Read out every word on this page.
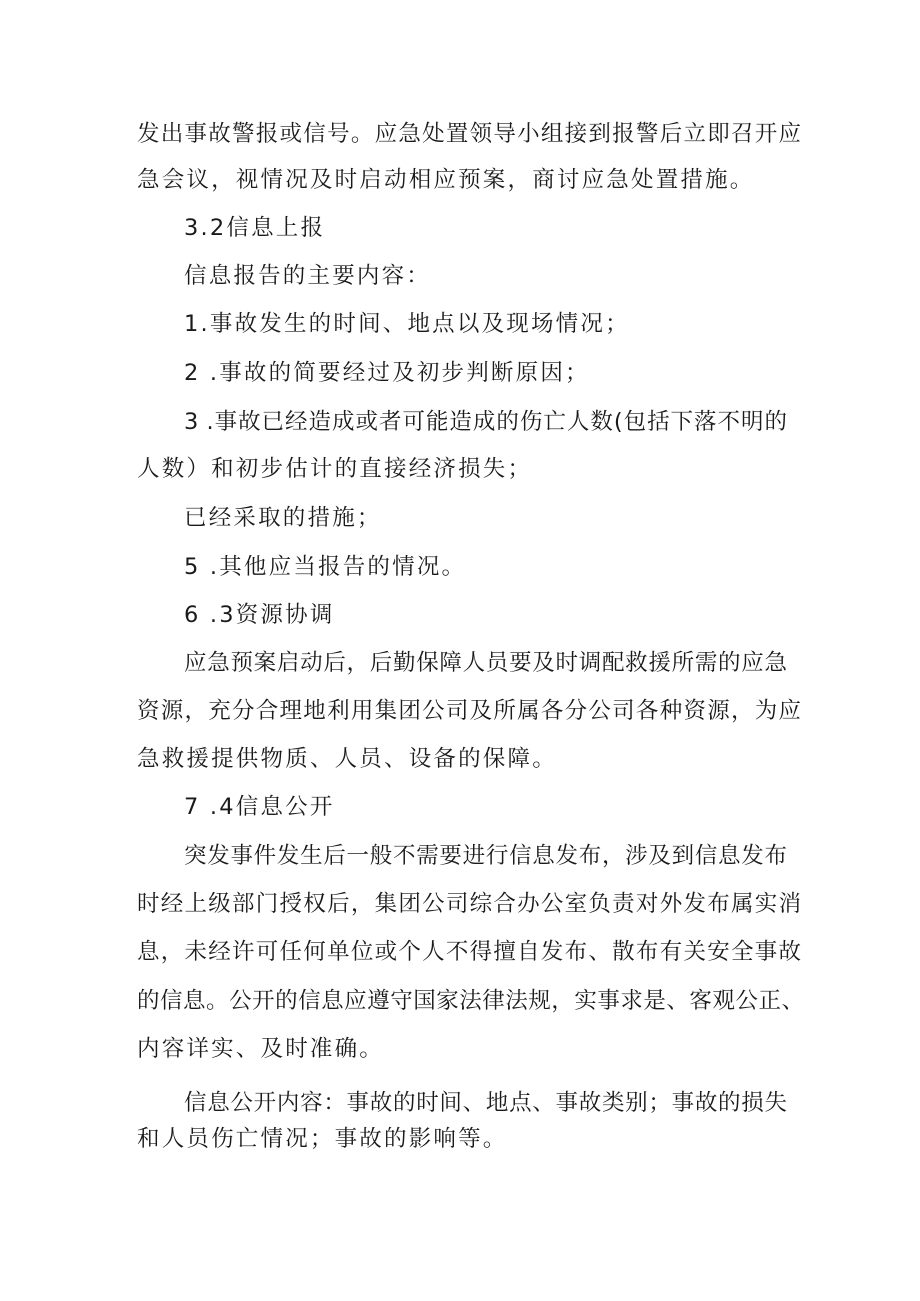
发出事故警报或信号。应急处置领导小组接到报警后立即召开应
急会议，视情况及时启动相应预案，商讨应急处置措施。
3.2信息上报
信息报告的主要内容：
1.事故发生的时间、地点以及现场情况；
2 .事故的简要经过及初步判断原因；
3 .事故已经造成或者可能造成的伤亡人数(包括下落不明的
人数）和初步估计的直接经济损失；
已经采取的措施；
5 .其他应当报告的情况。
6 .3资源协调
应急预案启动后，后勤保障人员要及时调配救援所需的应急
资源，充分合理地利用集团公司及所属各分公司各种资源，为应
急救援提供物质、人员、设备的保障。
7 .4信息公开
突发事件发生后一般不需要进行信息发布，涉及到信息发布
时经上级部门授权后，集团公司综合办公室负责对外发布属实消
息，未经许可任何单位或个人不得擅自发布、散布有关安全事故
的信息。公开的信息应遵守国家法律法规，实事求是、客观公正、
内容详实、及时准确。
信息公开内容：事故的时间、地点、事故类别；事故的损失
和人员伤亡情况；事故的影响等。
